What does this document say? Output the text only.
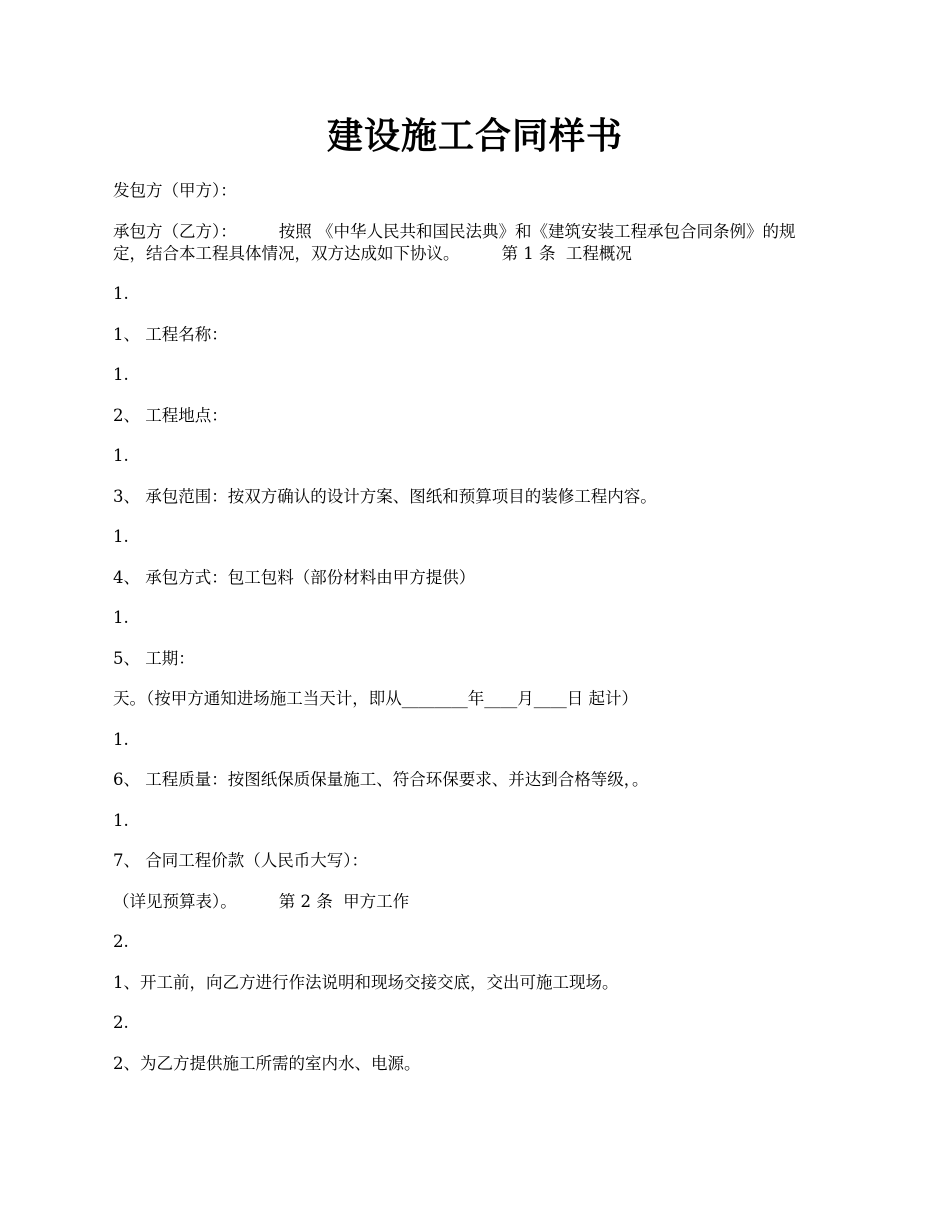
建设施工合同样书

发包方（甲方）：

承包方（乙方）：        按照 《中华人民共和国民法典》和《建筑安装工程承包合同条例》的规定，结合本工程具体情况，双方达成如下协议。        第 1 条  工程概况

1.

1、 工程名称：

1.

2、 工程地点：

1.

3、 承包范围：按双方确认的设计方案、图纸和预算项目的装修工程内容。

1.

4、 承包方式：包工包料（部份材料由甲方提供）

1.

5、 工期：

天。（按甲方通知进场施工当天计，即从________年____月____日 起计）

1.

6、 工程质量：按图纸保质保量施工、符合环保要求、并达到合格等级，。

1.

7、 合同工程价款（人民币大写）：

（详见预算表）。        第 2 条  甲方工作

2.

1、开工前，向乙方进行作法说明和现场交接交底，交出可施工现场。

2.

2、为乙方提供施工所需的室内水、电源。
